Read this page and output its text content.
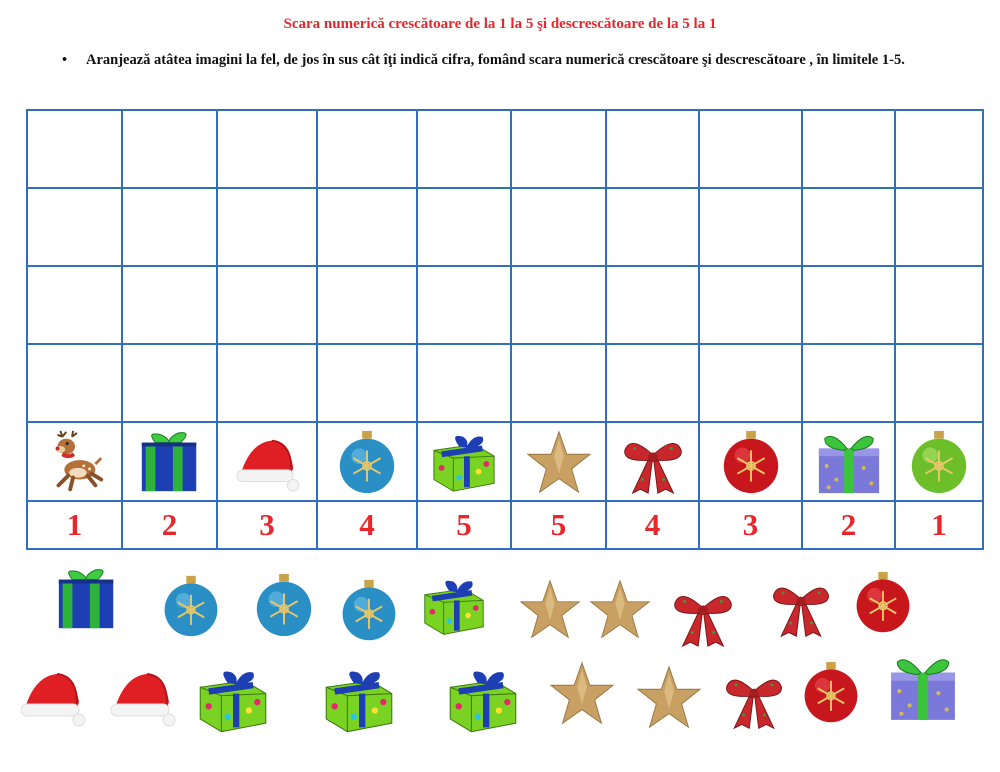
Scara numerică crescătoare de la 1 la 5 şi descrescătoare de la 5 la 1
• Aranjează atâtea imagini la fel, de jos în sus cât îţi indică cifra, fomând scara numerică crescătoare şi descrescătoare , în limitele 1-5.

1	2	3	4	5	5	4	3	2	1
